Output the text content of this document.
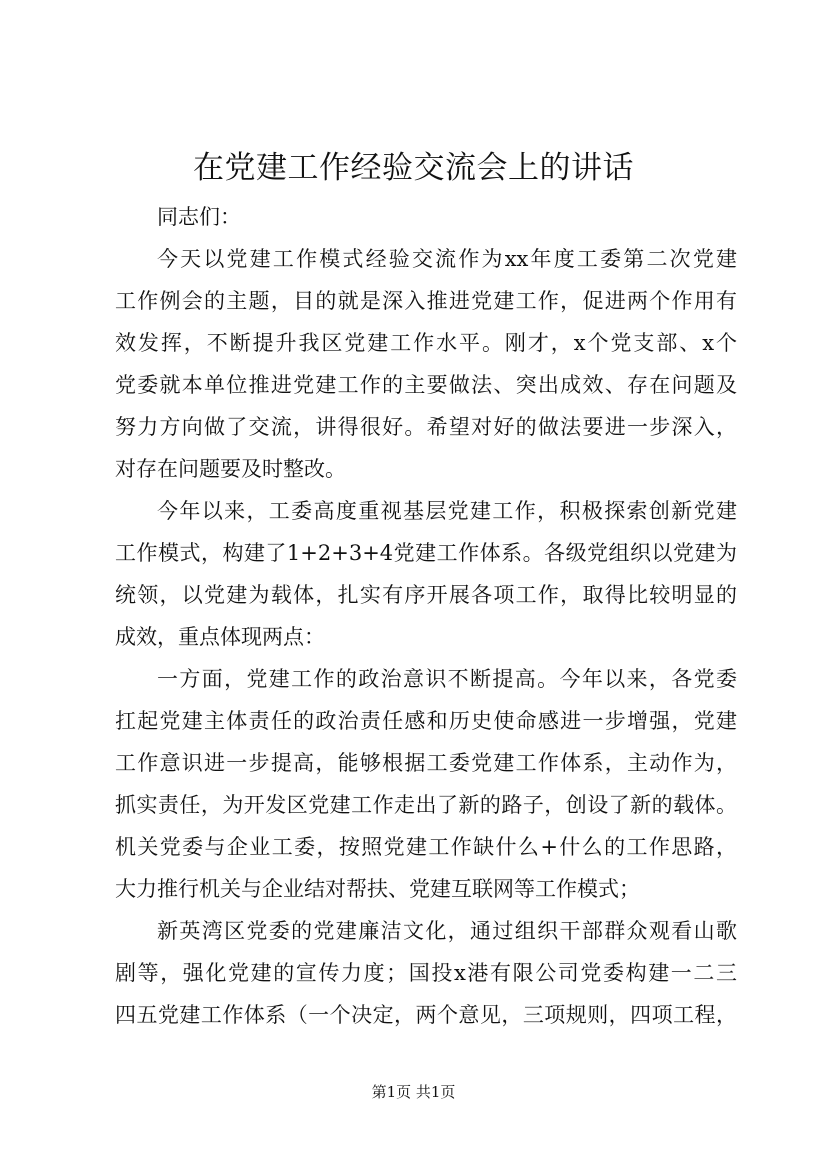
在党建工作经验交流会上的讲话
同志们：
今天以党建工作模式经验交流作为xx年度工委第二次党建
工作例会的主题，目的就是深入推进党建工作，促进两个作用有
效发挥，不断提升我区党建工作水平。刚才，x个党支部、x个
党委就本单位推进党建工作的主要做法、突出成效、存在问题及
努力方向做了交流，讲得很好。希望对好的做法要进一步深入，
对存在问题要及时整改。
今年以来，工委高度重视基层党建工作，积极探索创新党建
工作模式，构建了1+2+3+4党建工作体系。各级党组织以党建为
统领，以党建为载体，扎实有序开展各项工作，取得比较明显的
成效，重点体现两点：
一方面，党建工作的政治意识不断提高。今年以来，各党委
扛起党建主体责任的政治责任感和历史使命感进一步增强，党建
工作意识进一步提高，能够根据工委党建工作体系，主动作为，
抓实责任，为开发区党建工作走出了新的路子，创设了新的载体。
机关党委与企业工委，按照党建工作缺什么+什么的工作思路，
大力推行机关与企业结对帮扶、党建互联网等工作模式；
新英湾区党委的党建廉洁文化，通过组织干部群众观看山歌
剧等，强化党建的宣传力度；国投x港有限公司党委构建一二三
四五党建工作体系（一个决定，两个意见，三项规则，四项工程，
第1页 共1页
